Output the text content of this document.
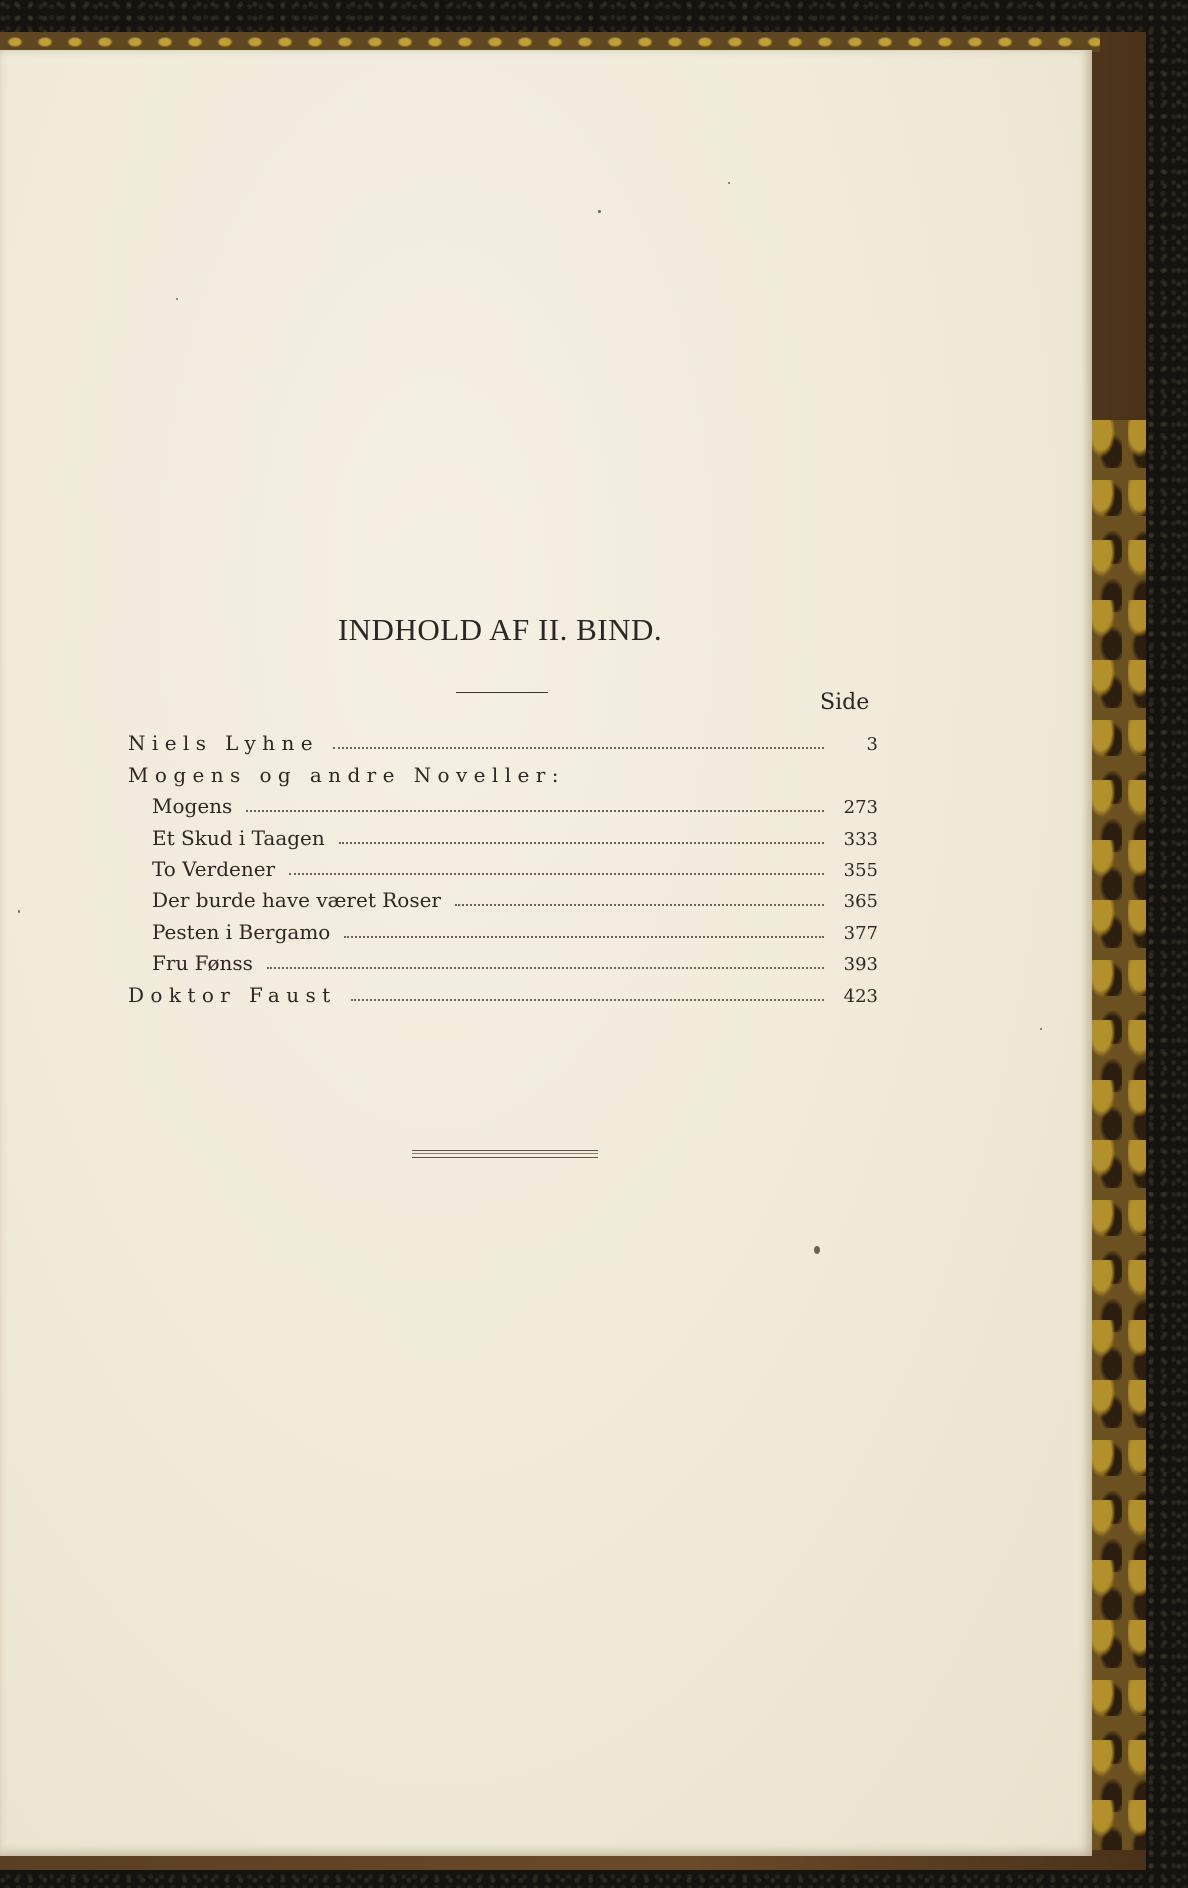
INDHOLD AF II. BIND.
Side
Niels Lyhne	3
Mogens og andre Noveller:
Mogens	273
Et Skud i Taagen	333
To Verdener	355
Der burde have været Roser	365
Pesten i Bergamo	377
Fru Fønss	393
Doktor Faust	423
